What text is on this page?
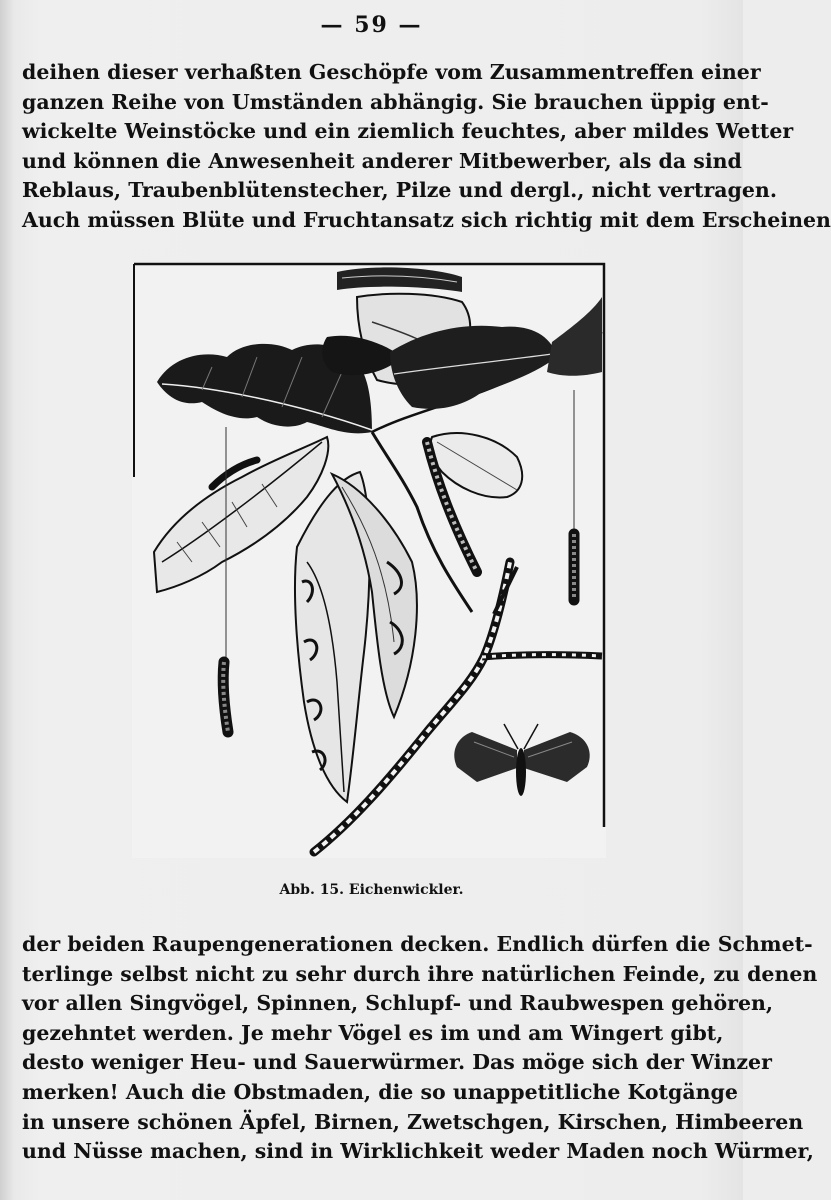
— 59 —
deihen dieser verhaßten Geschöpfe vom Zusammentreffen einer
ganzen Reihe von Umständen abhängig. Sie brauchen üppig ent-
wickelte Weinstöcke und ein ziemlich feuchtes, aber mildes Wetter
und können die Anwesenheit anderer Mitbewerber, als da sind
Reblaus, Traubenblütenstecher, Pilze und dergl., nicht vertragen.
Auch müssen Blüte und Fruchtansatz sich richtig mit dem Erscheinen
Abb. 15. Eichenwickler.
der beiden Raupengenerationen decken. Endlich dürfen die Schmet-
terlinge selbst nicht zu sehr durch ihre natürlichen Feinde, zu denen
vor allen Singvögel, Spinnen, Schlupf- und Raubwespen gehören,
gezehntet werden. Je mehr Vögel es im und am Wingert gibt,
desto weniger Heu- und Sauerwürmer. Das möge sich der Winzer
merken! Auch die Obstmaden, die so unappetitliche Kotgänge
in unsere schönen Äpfel, Birnen, Zwetschgen, Kirschen, Himbeeren
und Nüsse machen, sind in Wirklichkeit weder Maden noch Würmer,
